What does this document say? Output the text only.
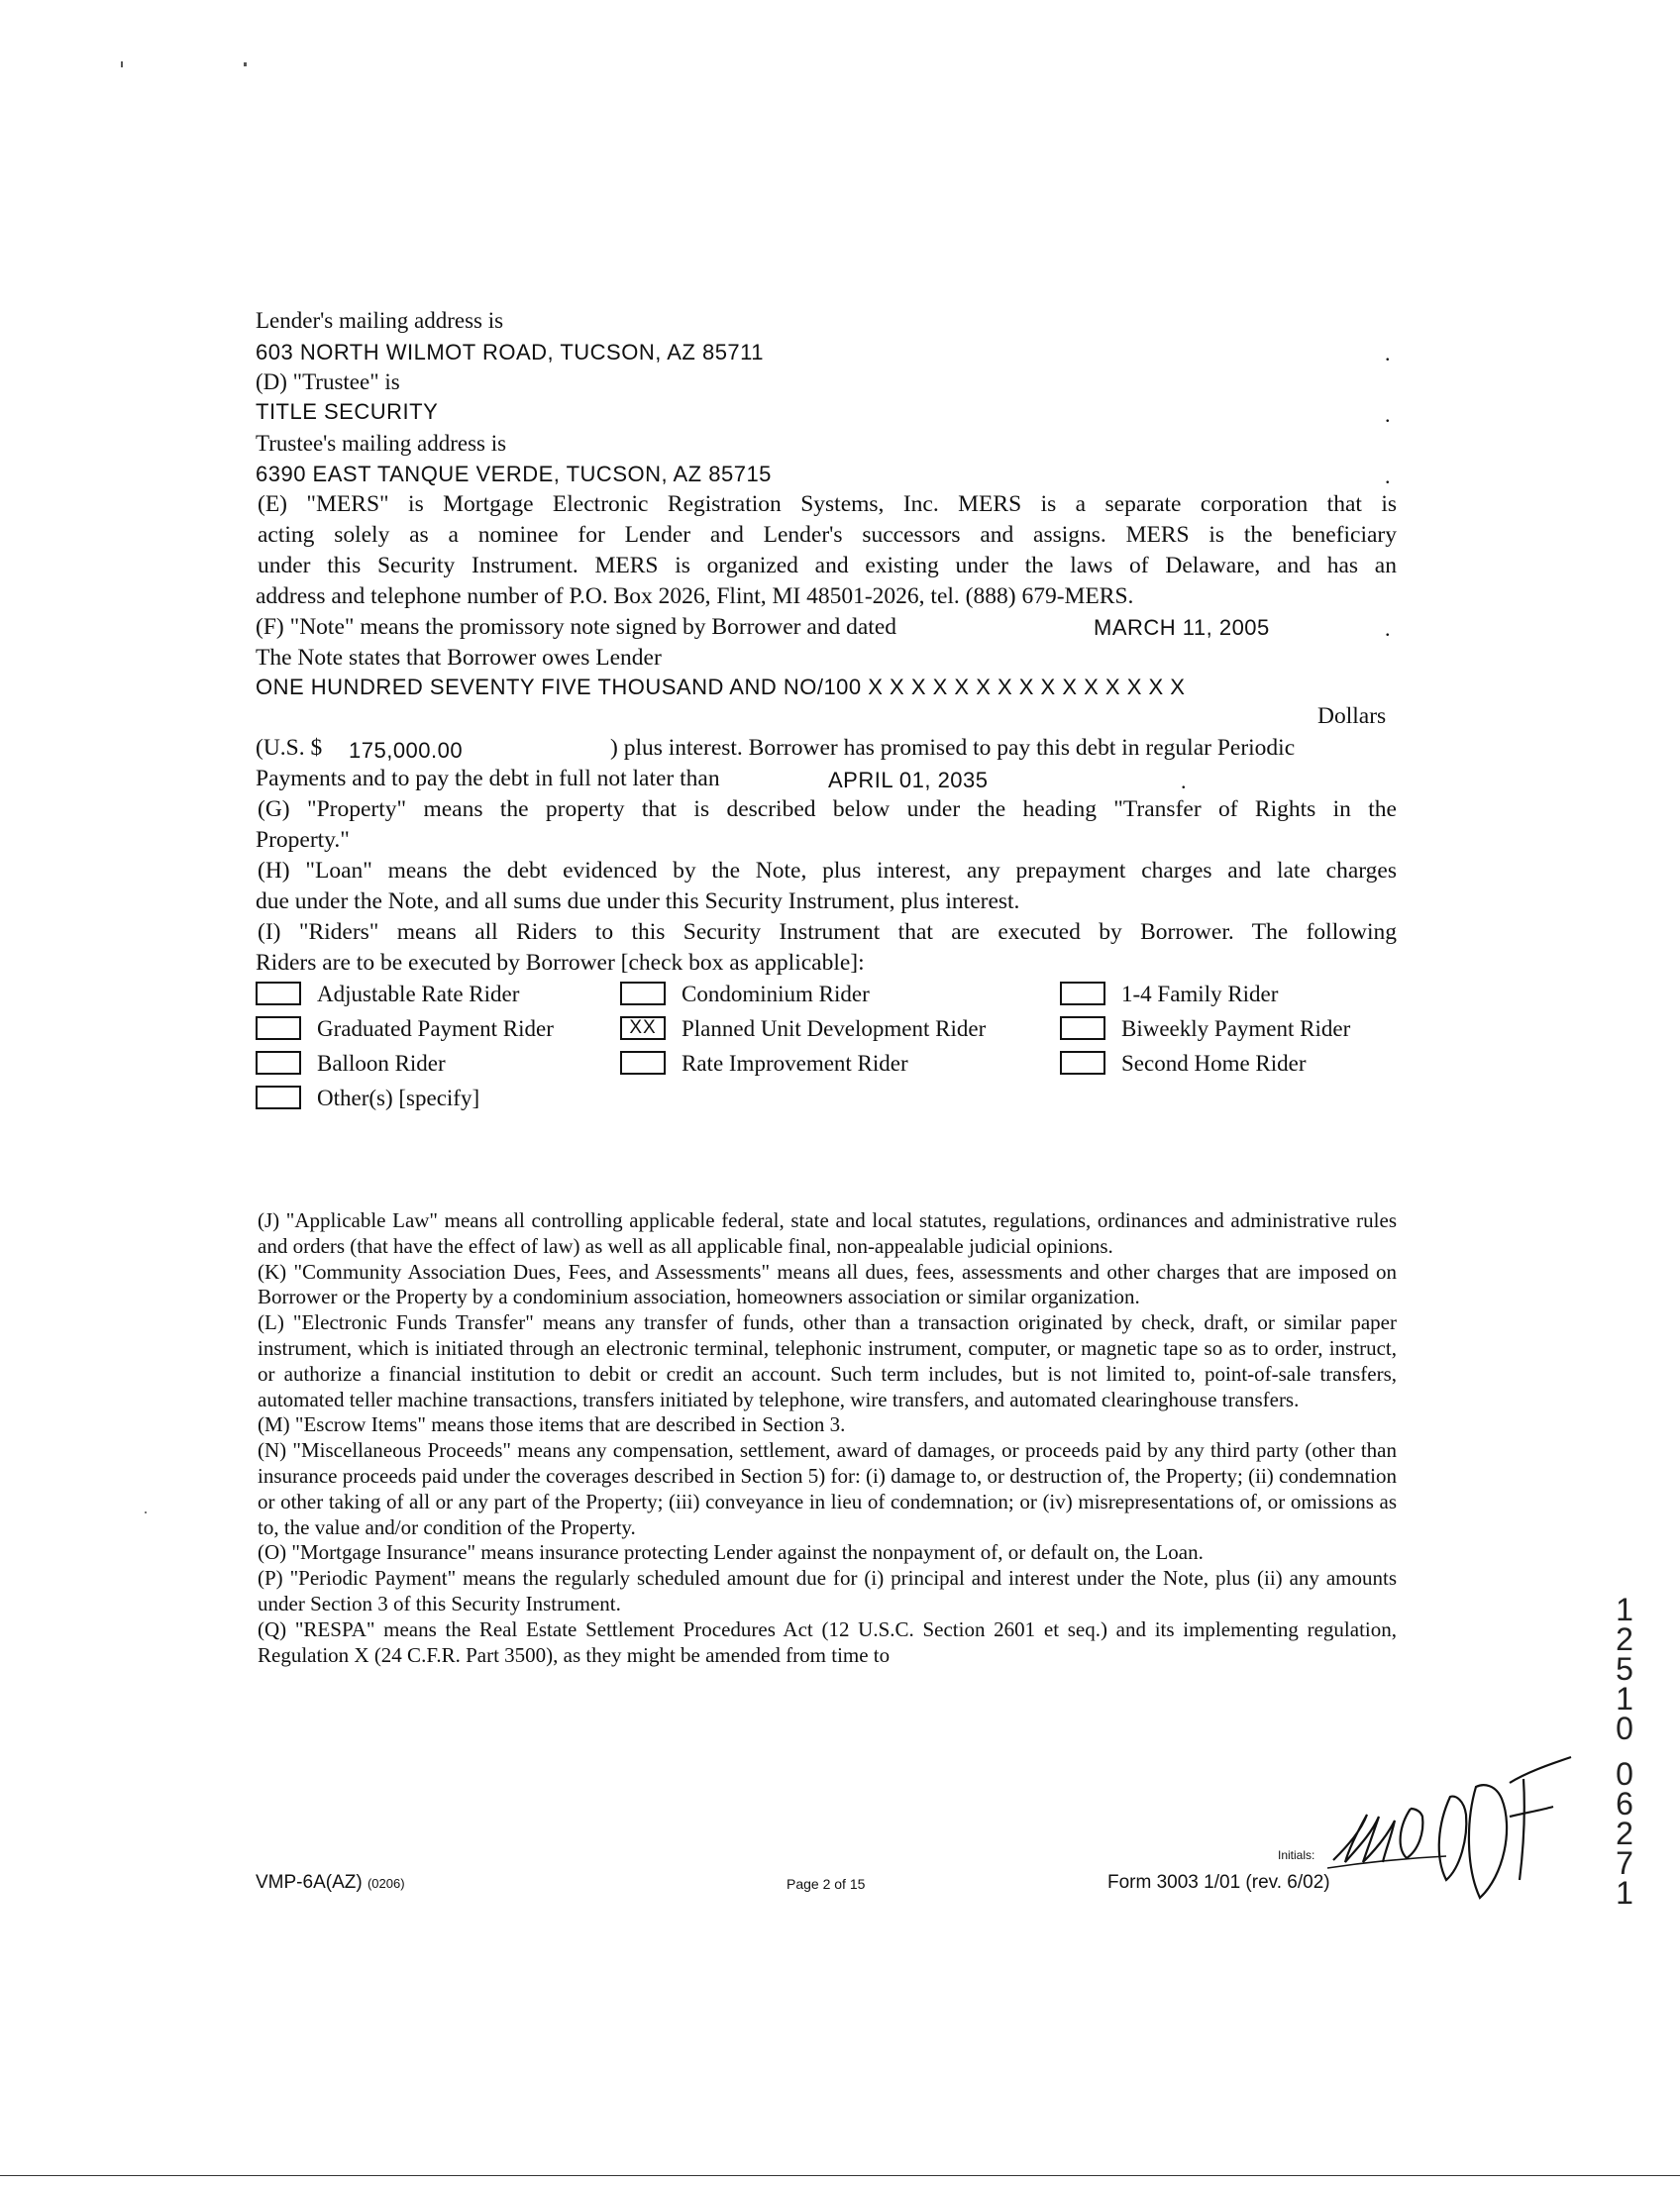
Lender's mailing address is
603 NORTH WILMOT ROAD, TUCSON, AZ 85711	.
(D) "Trustee" is
TITLE SECURITY	.
Trustee's mailing address is
6390 EAST TANQUE VERDE, TUCSON, AZ 85715	.
(E) "MERS" is Mortgage Electronic Registration Systems, Inc. MERS is a separate corporation that is
acting solely as a nominee for Lender and Lender's successors and assigns. MERS is the beneficiary
under this Security Instrument. MERS is organized and existing under the laws of Delaware, and has an
address and telephone number of P.O. Box 2026, Flint, MI 48501-2026, tel. (888) 679-MERS.
(F) "Note" means the promissory note signed by Borrower and dated	MARCH 11, 2005	.
The Note states that Borrower owes Lender
ONE HUNDRED SEVENTY FIVE THOUSAND AND NO/100 X X X X X X X X X X X X X X X
Dollars
(U.S. $ 175,000.00	) plus interest. Borrower has promised to pay this debt in regular Periodic
Payments and to pay the debt in full not later than	APRIL 01, 2035	.
(G) "Property" means the property that is described below under the heading "Transfer of Rights in the
Property."
(H) "Loan" means the debt evidenced by the Note, plus interest, any prepayment charges and late charges
due under the Note, and all sums due under this Security Instrument, plus interest.
(I) "Riders" means all Riders to this Security Instrument that are executed by Borrower. The following
Riders are to be executed by Borrower [check box as applicable]:
Adjustable Rate Rider	Condominium Rider	1-4 Family Rider
Graduated Payment Rider	XX Planned Unit Development Rider	Biweekly Payment Rider
Balloon Rider	Rate Improvement Rider	Second Home Rider
Other(s) [specify]

(J) "Applicable Law" means all controlling applicable federal, state and local statutes, regulations, ordinances and administrative rules and orders (that have the effect of law) as well as all applicable final, non-appealable judicial opinions.

(K) "Community Association Dues, Fees, and Assessments" means all dues, fees, assessments and other charges that are imposed on Borrower or the Property by a condominium association, homeowners association or similar organization.

(L) "Electronic Funds Transfer" means any transfer of funds, other than a transaction originated by check, draft, or similar paper instrument, which is initiated through an electronic terminal, telephonic instrument, computer, or magnetic tape so as to order, instruct, or authorize a financial institution to debit or credit an account. Such term includes, but is not limited to, point-of-sale transfers, automated teller machine transactions, transfers initiated by telephone, wire transfers, and automated clearinghouse transfers.

(M) "Escrow Items" means those items that are described in Section 3.

(N) "Miscellaneous Proceeds" means any compensation, settlement, award of damages, or proceeds paid by any third party (other than insurance proceeds paid under the coverages described in Section 5) for: (i) damage to, or destruction of, the Property; (ii) condemnation or other taking of all or any part of the Property; (iii) conveyance in lieu of condemnation; or (iv) misrepresentations of, or omissions as to, the value and/or condition of the Property.

(O) "Mortgage Insurance" means insurance protecting Lender against the nonpayment of, or default on, the Loan.

(P) "Periodic Payment" means the regularly scheduled amount due for (i) principal and interest under the Note, plus (ii) any amounts under Section 3 of this Security Instrument.

(Q) "RESPA" means the Real Estate Settlement Procedures Act (12 U.S.C. Section 2601 et seq.) and its implementing regulation, Regulation X (24 C.F.R. Part 3500), as they might be amended from time to

Initials:
VMP-6A(AZ) (0206)	Page 2 of 15	Form 3003 1/01 (rev. 6/02)
1
2
5
1
0
0
6
2
7
1
